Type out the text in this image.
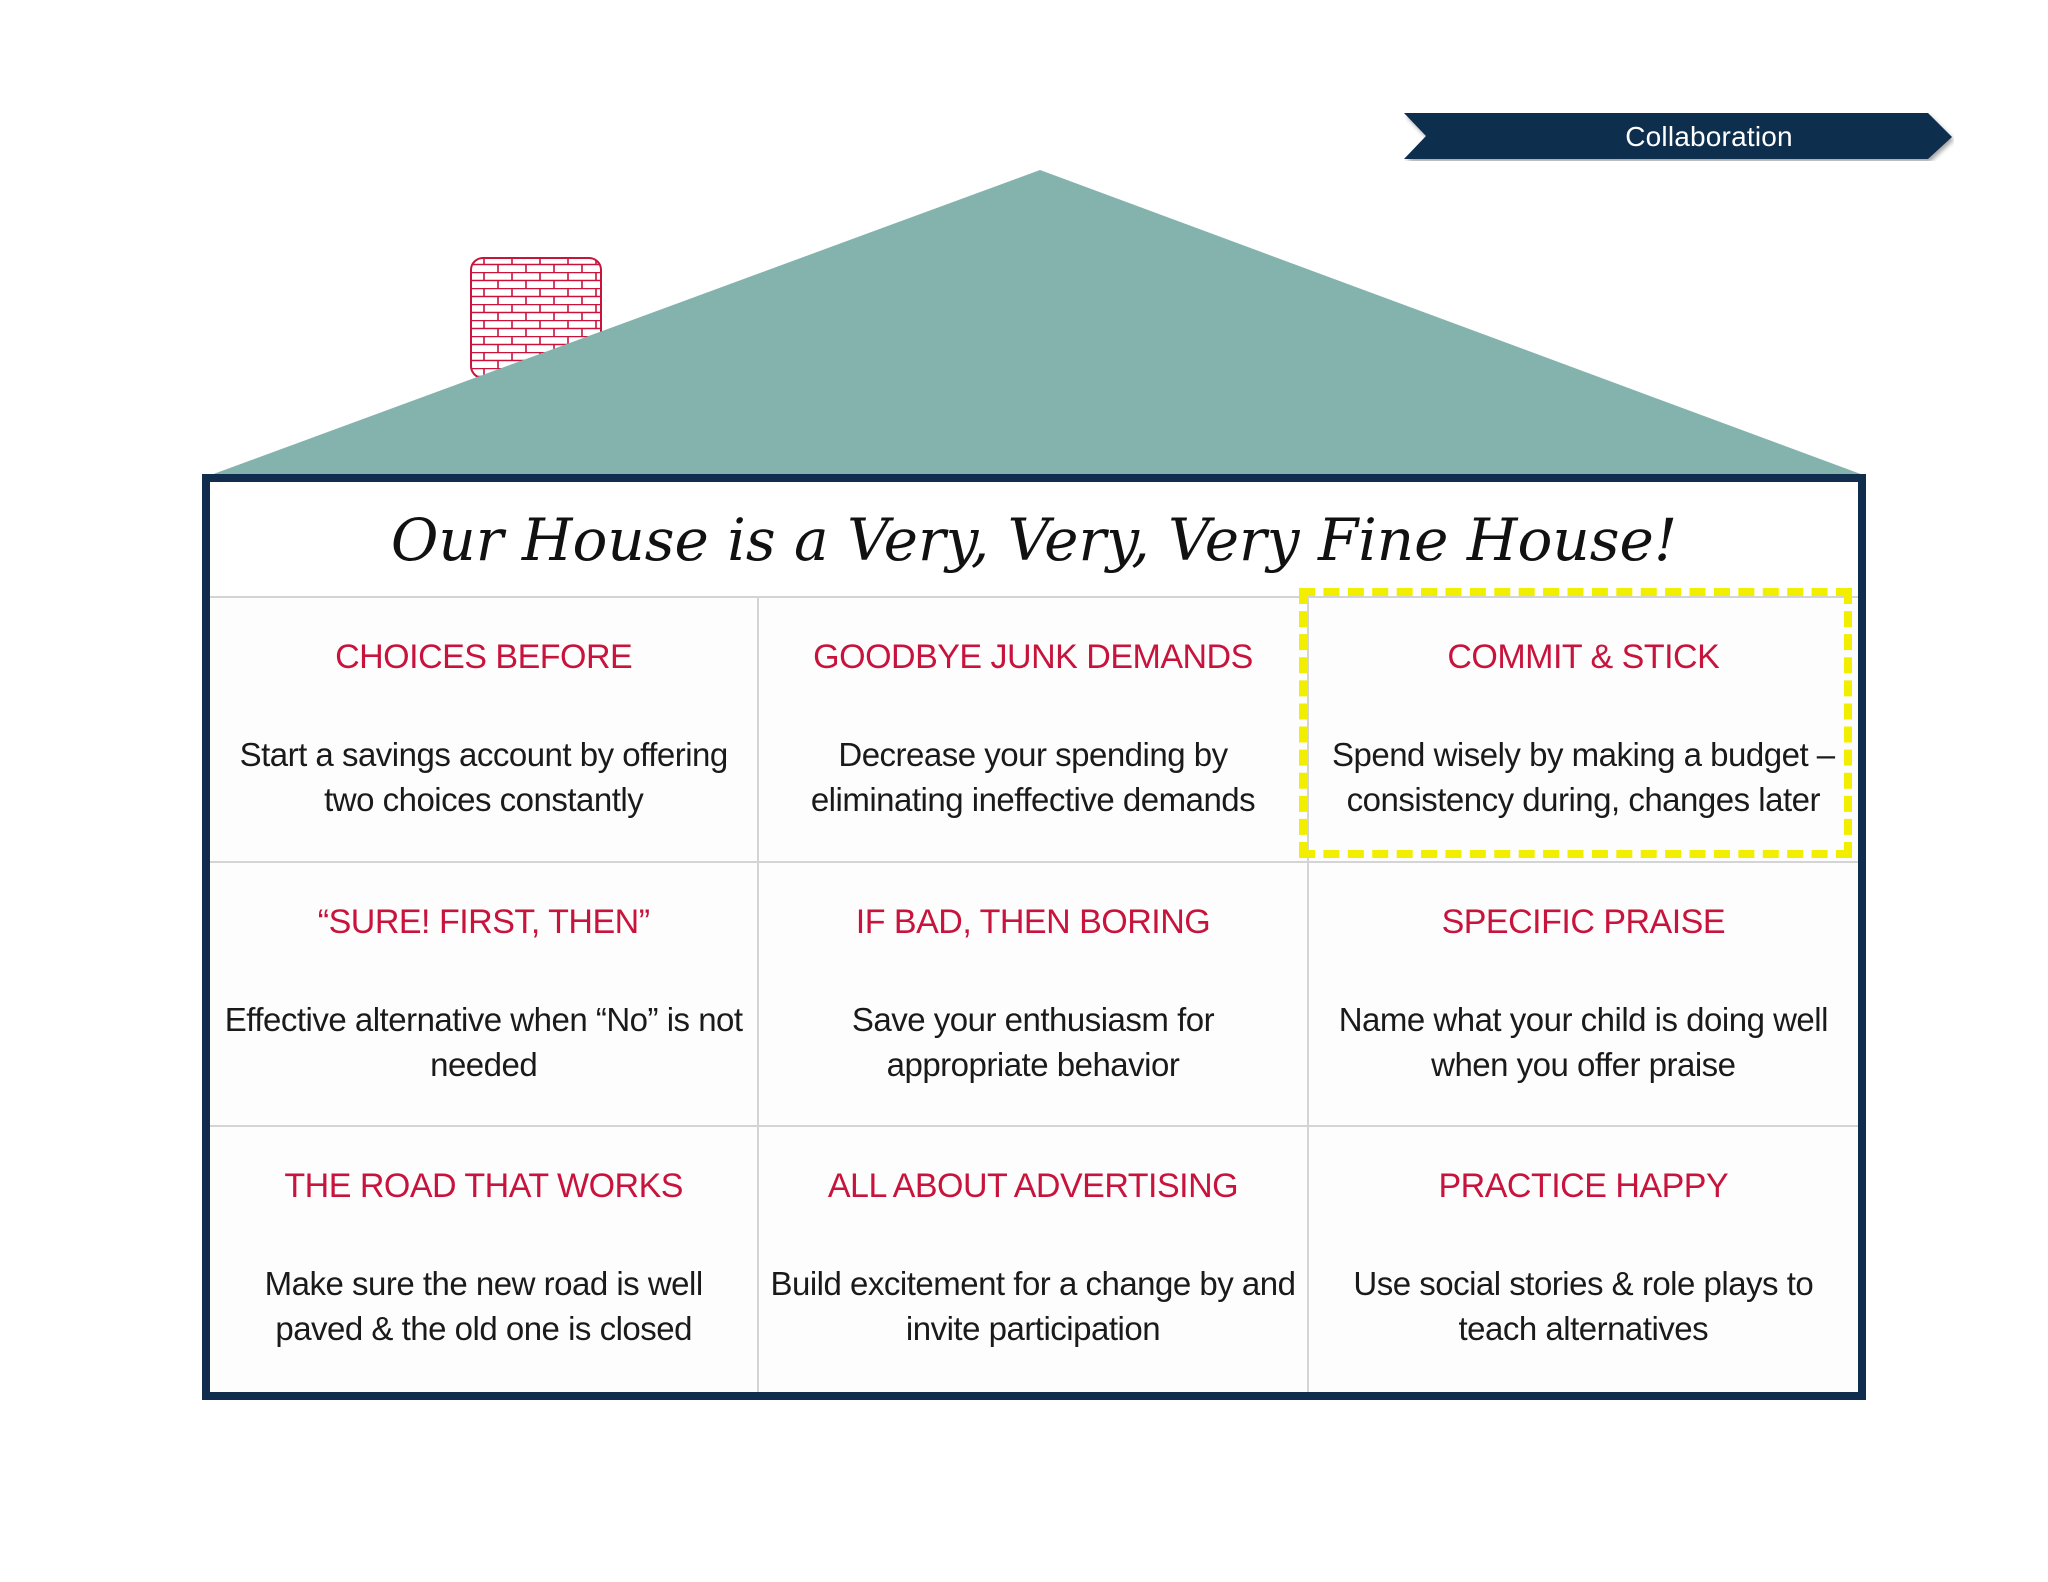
Collaboration
Our House is a Very, Very, Very Fine House!
CHOICES BEFORE
Start a savings account by offering two choices constantly
GOODBYE JUNK DEMANDS
Decrease your spending by eliminating ineffective demands
COMMIT & STICK
Spend wisely by making a budget – consistency during, changes later
“SURE! FIRST, THEN”
Effective alternative when “No” is not needed
IF BAD, THEN BORING
Save your enthusiasm for appropriate behavior
SPECIFIC PRAISE
Name what your child is doing well when you offer praise
THE ROAD THAT WORKS
Make sure the new road is well paved & the old one is closed
ALL ABOUT ADVERTISING
Build excitement for a change by and invite participation
PRACTICE HAPPY
Use social stories & role plays to teach alternatives
